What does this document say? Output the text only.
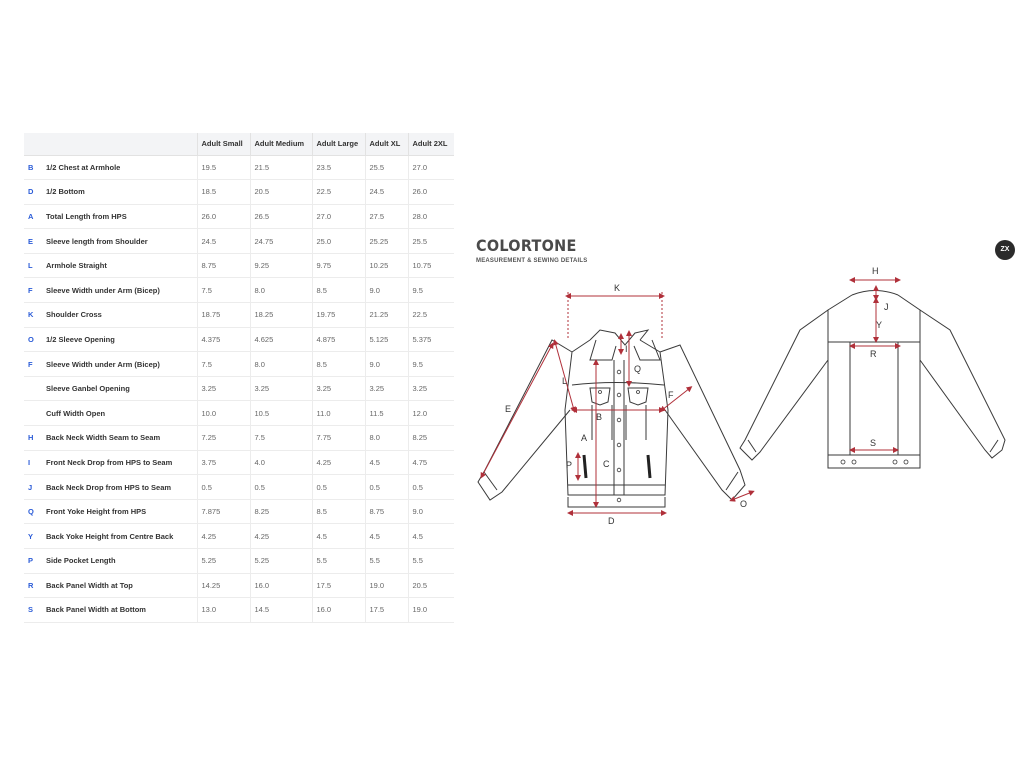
		Adult Small	Adult Medium	Adult Large	Adult XL	Adult 2XL
B	1/2 Chest at Armhole	19.5	21.5	23.5	25.5	27.0
D	1/2 Bottom	18.5	20.5	22.5	24.5	26.0
A	Total Length from HPS	26.0	26.5	27.0	27.5	28.0
E	Sleeve length from Shoulder	24.5	24.75	25.0	25.25	25.5
L	Armhole Straight	8.75	9.25	9.75	10.25	10.75
F	Sleeve Width under Arm (Bicep)	7.5	8.0	8.5	9.0	9.5
K	Shoulder Cross	18.75	18.25	19.75	21.25	22.5
O	1/2 Sleeve Opening	4.375	4.625	4.875	5.125	5.375
F	Sleeve Width under Arm (Bicep)	7.5	8.0	8.5	9.0	9.5
	Sleeve Ganbel Opening	3.25	3.25	3.25	3.25	3.25
	Cuff Width Open	10.0	10.5	11.0	11.5	12.0
H	Back Neck Width Seam to Seam	7.25	7.5	7.75	8.0	8.25
I	Front Neck Drop from HPS to Seam	3.75	4.0	4.25	4.5	4.75
J	Back Neck Drop from HPS to Seam	0.5	0.5	0.5	0.5	0.5
Q	Front Yoke Height from HPS	7.875	8.25	8.5	8.75	9.0
Y	Back Yoke Height from Centre Back	4.25	4.25	4.5	4.5	4.5
P	Side Pocket Length	5.25	5.25	5.5	5.5	5.5
R	Back Panel Width at Top	14.25	16.0	17.5	19.0	20.5
S	Back Panel Width at Bottom	13.0	14.5	16.0	17.5	19.0
COLORTONE
MEASUREMENT & SEWING DETAILS
ZX
K
I
Q
L
E
F
A
B
P	C
D
O
H
J
Y
R
S
